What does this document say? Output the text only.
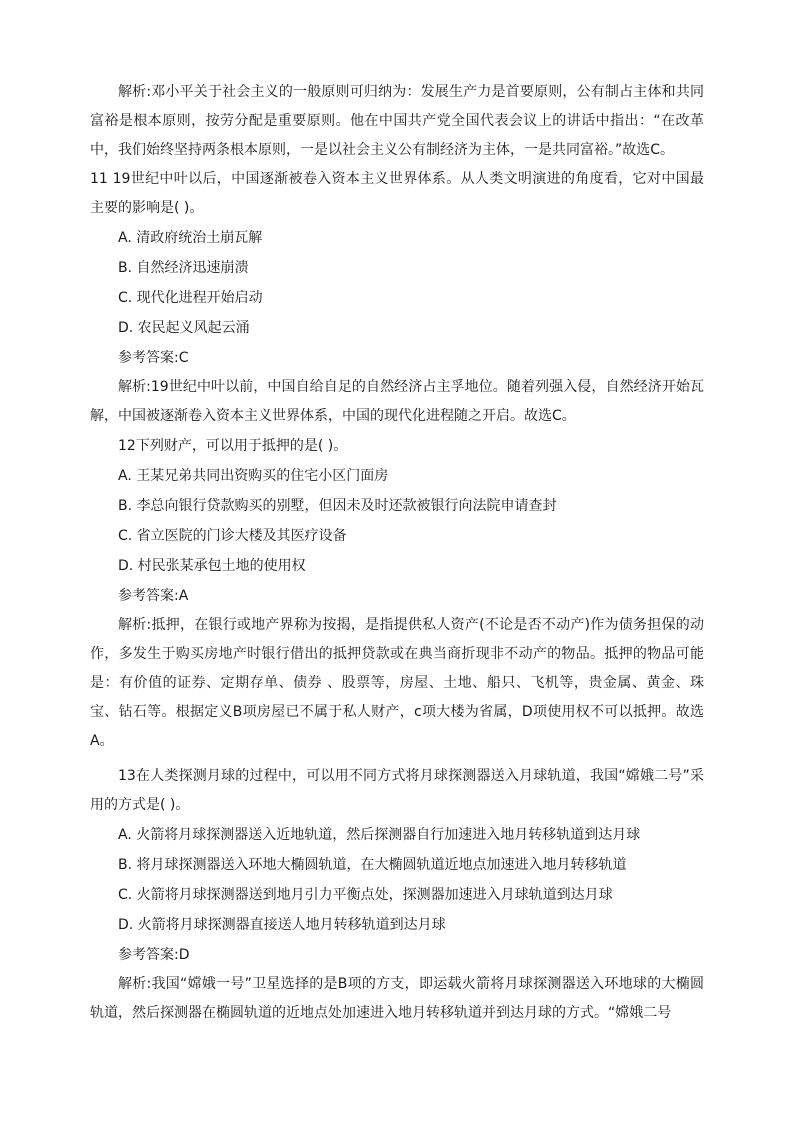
解析:邓小平关于社会主义的一般原则可归纳为：发展生产力是首要原则，公有制占主体和共同富裕是根本原则，按劳分配是重要原则。他在中国共产党全国代表会议上的讲话中指出：“在改革中，我们始终坚持两条根本原则，一是以社会主义公有制经济为主体，一是共同富裕。”故选C。

11 19世纪中叶以后，中国逐渐被卷入资本主义世界体系。从人类文明演进的角度看，它对中国最主要的影响是( )。

A. 清政府统治土崩瓦解

B. 自然经济迅速崩溃

C. 现代化进程开始启动

D. 农民起义风起云涌

参考答案:C

解析:19世纪中叶以前，中国自给自足的自然经济占主孚地位。随着列强入侵，自然经济开始瓦解，中国被逐渐卷入资本主义世界体系，中国的现代化进程随之开启。故选C。

12下列财产，可以用于抵押的是( )。

A. 王某兄弟共同出资购买的住宅小区门面房

B. 李总向银行贷款购买的别墅，但因未及时还款被银行向法院申请查封

C. 省立医院的门诊大楼及其医疗设备

D. 村民张某承包土地的使用权

参考答案:A

解析:抵押，在银行或地产界称为按揭，是指提供私人资产(不论是否不动产)作为债务担保的动作，多发生于购买房地产时银行借出的抵押贷款或在典当商折现非不动产的物品。抵押的物品可能是：有价值的证券、定期存单、债券 、股票等，房屋、土地、船只、飞机等，贵金属、黄金、珠宝、钻石等。根据定义B项房屋已不属于私人财产，c项大楼为省属，D项使用权不可以抵押。故选A。

13在人类探测月球的过程中，可以用不同方式将月球探测器送入月球轨道，我国“嫦娥二号”采用的方式是( )。

A. 火箭将月球探测器送入近地轨道，然后探测器自行加速进入地月转移轨道到达月球

B. 将月球探测器送入环地大椭圆轨道，在大椭圆轨道近地点加速进入地月转移轨道

C. 火箭将月球探测器送到地月引力平衡点处，探测器加速进入月球轨道到达月球

D. 火箭将月球探测器直接送人地月转移轨道到达月球

参考答案:D

解析:我国“嫦娥一号”卫星选择的是B项的方支，即运载火箭将月球探测器送入环地球的大椭圆轨道，然后探测器在椭圆轨道的近地点处加速进入地月转移轨道并到达月球的方式。“嫦娥二号
